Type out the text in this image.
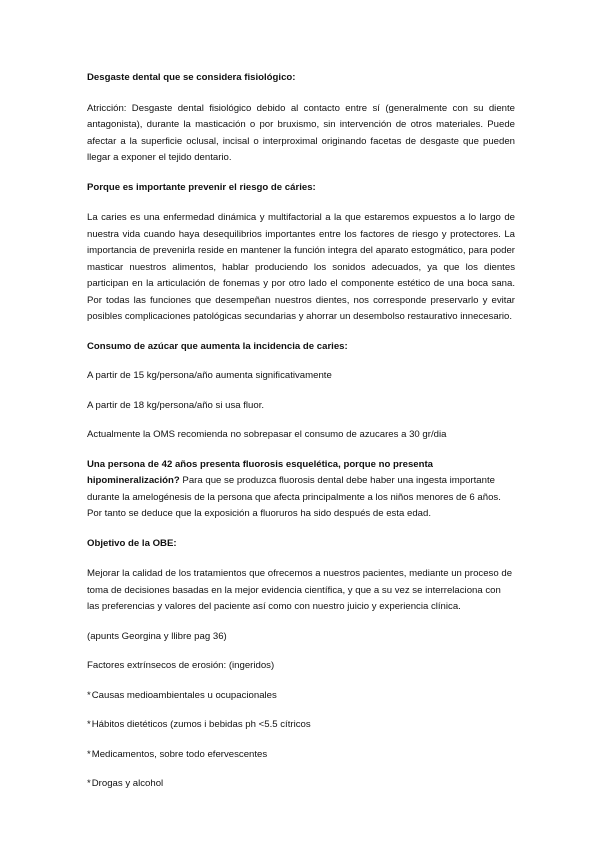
Desgaste dental que se considera fisiológico:

Atricción: Desgaste dental fisiológico debido al contacto entre sí (generalmente con su diente antagonista), durante la masticación o por bruxismo, sin intervención de otros materiales. Puede afectar a la superficie oclusal, incisal o interproximal originando facetas de desgaste que pueden llegar a exponer el tejido dentario.

Porque es importante prevenir el riesgo de cáries:

La caries es una enfermedad dinámica y multifactorial a la que estaremos expuestos a lo largo de nuestra vida cuando haya desequilibrios importantes entre los factores de riesgo y protectores. La importancia de prevenirla reside en mantener la función integra del aparato estogmático, para poder masticar nuestros alimentos, hablar produciendo los sonidos adecuados, ya que los dientes participan en la articulación de fonemas y por otro lado el componente estético de una boca sana. Por todas las funciones que desempeñan nuestros dientes, nos corresponde preservarlo y evitar posibles complicaciones patológicas secundarias y ahorrar un desembolso restaurativo innecesario.

Consumo de azúcar que aumenta la incidencia de caries:

A partir de 15 kg/persona/año aumenta significativamente

A partir de 18 kg/persona/año si usa fluor.

Actualmente la OMS recomienda no sobrepasar el consumo de azucares a 30 gr/dia

Una persona de 42 años presenta fluorosis esquelética, porque no presenta hipomineralización? Para que se produzca fluorosis dental debe haber una ingesta importante durante la amelogénesis de la persona que afecta principalmente a los niños menores de 6 años. Por tanto se deduce que la exposición a fluoruros ha sido después de esta edad.

Objetivo de la OBE:

Mejorar la calidad de los tratamientos que ofrecemos a nuestros pacientes, mediante un proceso de toma de decisiones basadas en la mejor evidencia científica, y que a su vez se interrelaciona con las preferencias y valores del paciente así como con nuestro juicio y experiencia clínica.

(apunts Georgina y llibre pag 36)

Factores extrínsecos de erosión: (ingeridos)

*Causas medioambientales u ocupacionales
*Hábitos dietéticos (zumos i bebidas ph <5.5 cítricos
*Medicamentos, sobre todo efervescentes
*Drogas y alcohol
